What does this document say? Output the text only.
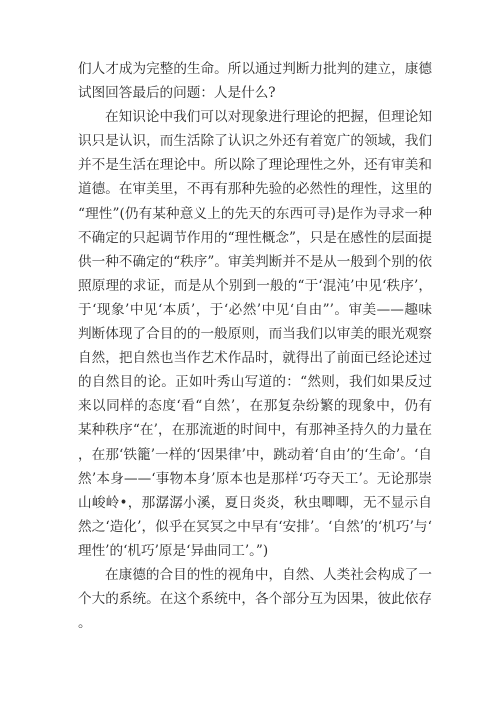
们人才成为完整的生命。所以通过判断力批判的建立，康德试图回答最后的问题：人是什么?

在知识论中我们可以对现象进行理论的把握，但理论知识只是认识，而生活除了认识之外还有着宽广的领域，我们并不是生活在理论中。所以除了理论理性之外，还有审美和道德。在审美里，不再有那种先验的必然性的理性，这里的“理性”(仍有某种意义上的先天的东西可寻)是作为寻求一种不确定的只起调节作用的“理性概念”，只是在感性的层面提供一种不确定的“秩序”。审美判断并不是从一般到个别的依照原理的求证，而是从个别到一般的“于‘混沌’中见‘秩序’，于‘现象’中见‘本质’，于‘必然’中见‘自由”’。审美——趣味判断体现了合目的的一般原则，而当我们以审美的眼光观察自然，把自然也当作艺术作品时，就得出了前面已经论述过的自然目的论。正如叶秀山写道的：“然则，我们如果反过来以同样的态度‘看“自然’，在那复杂纷繁的现象中，仍有某种秩序“在’，在那流逝的时间中，有那神圣持久的力量在，在那‘铁籠’一样的‘因果律’中，跳动着‘自由’的‘生命’。‘自然’本身——‘事物本身’原本也是那样‘巧夺天工’。无论那崇山峻岭•，那潺潺小溪，夏日炎炎，秋虫唧唧，无不显示自然之‘造化’，似乎在冥冥之中早有‘安排’。‘自然’的‘机巧’与‘理性’的‘机巧’原是‘异曲同工’。”)

在康德的合目的性的视角中，自然、人类社会构成了一个大的系统。在这个系统中，各个部分互为因果，彼此依存。
